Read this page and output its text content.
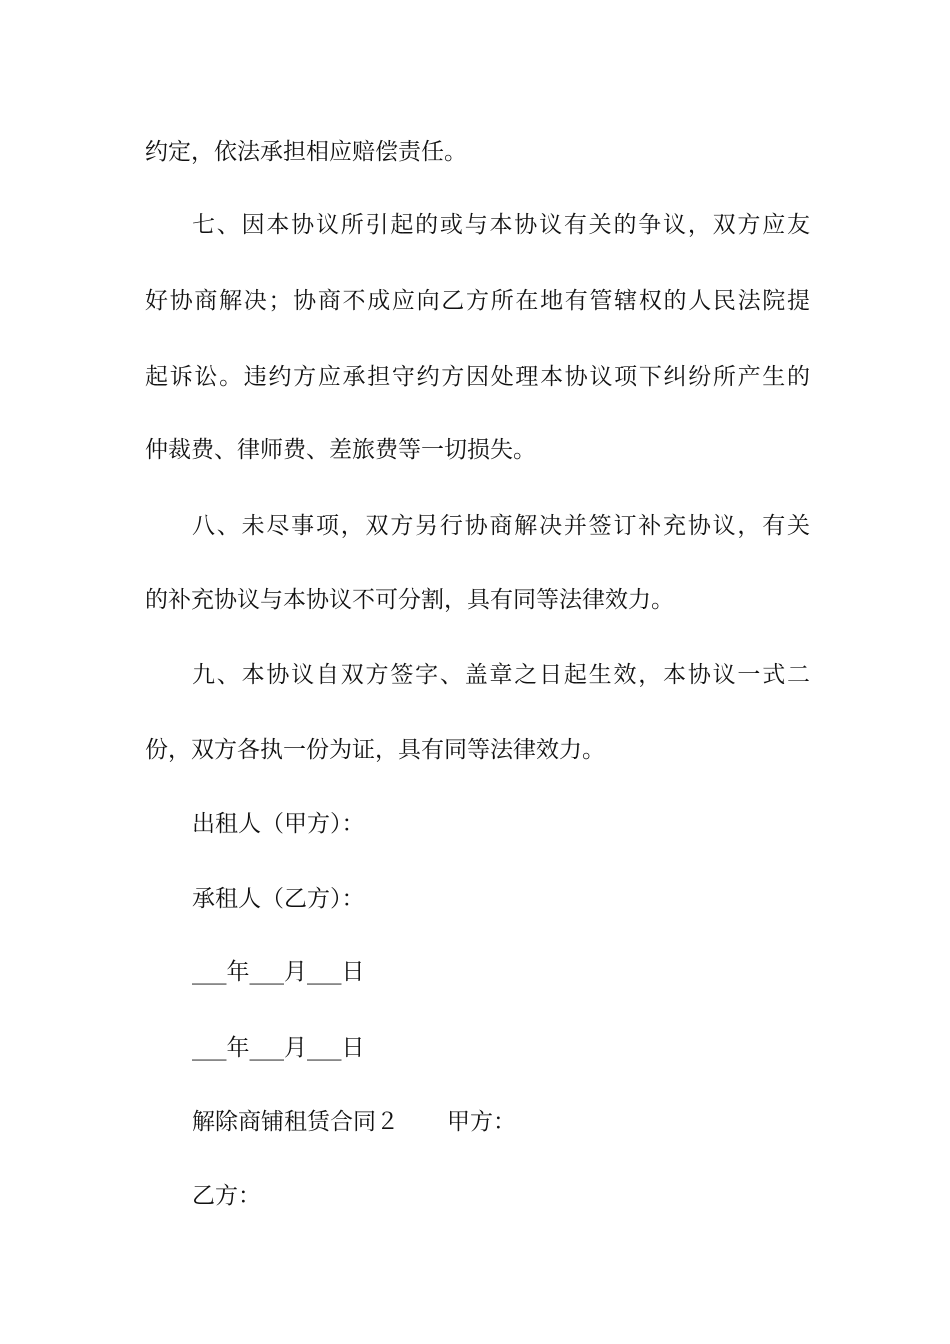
约定，依法承担相应赔偿责任。
七、因本协议所引起的或与本协议有关的争议，双方应友
好协商解决；协商不成应向乙方所在地有管辖权的人民法院提
起诉讼。违约方应承担守约方因处理本协议项下纠纷所产生的
仲裁费、律师费、差旅费等一切损失。
八、未尽事项，双方另行协商解决并签订补充协议，有关
的补充协议与本协议不可分割，具有同等法律效力。
九、本协议自双方签字、盖章之日起生效，本协议一式二
份，双方各执一份为证，具有同等法律效力。
出租人（甲方）：
承租人（乙方）：
___年___月___日
___年___月___日
解除商铺租赁合同２ 甲方：
乙方：
